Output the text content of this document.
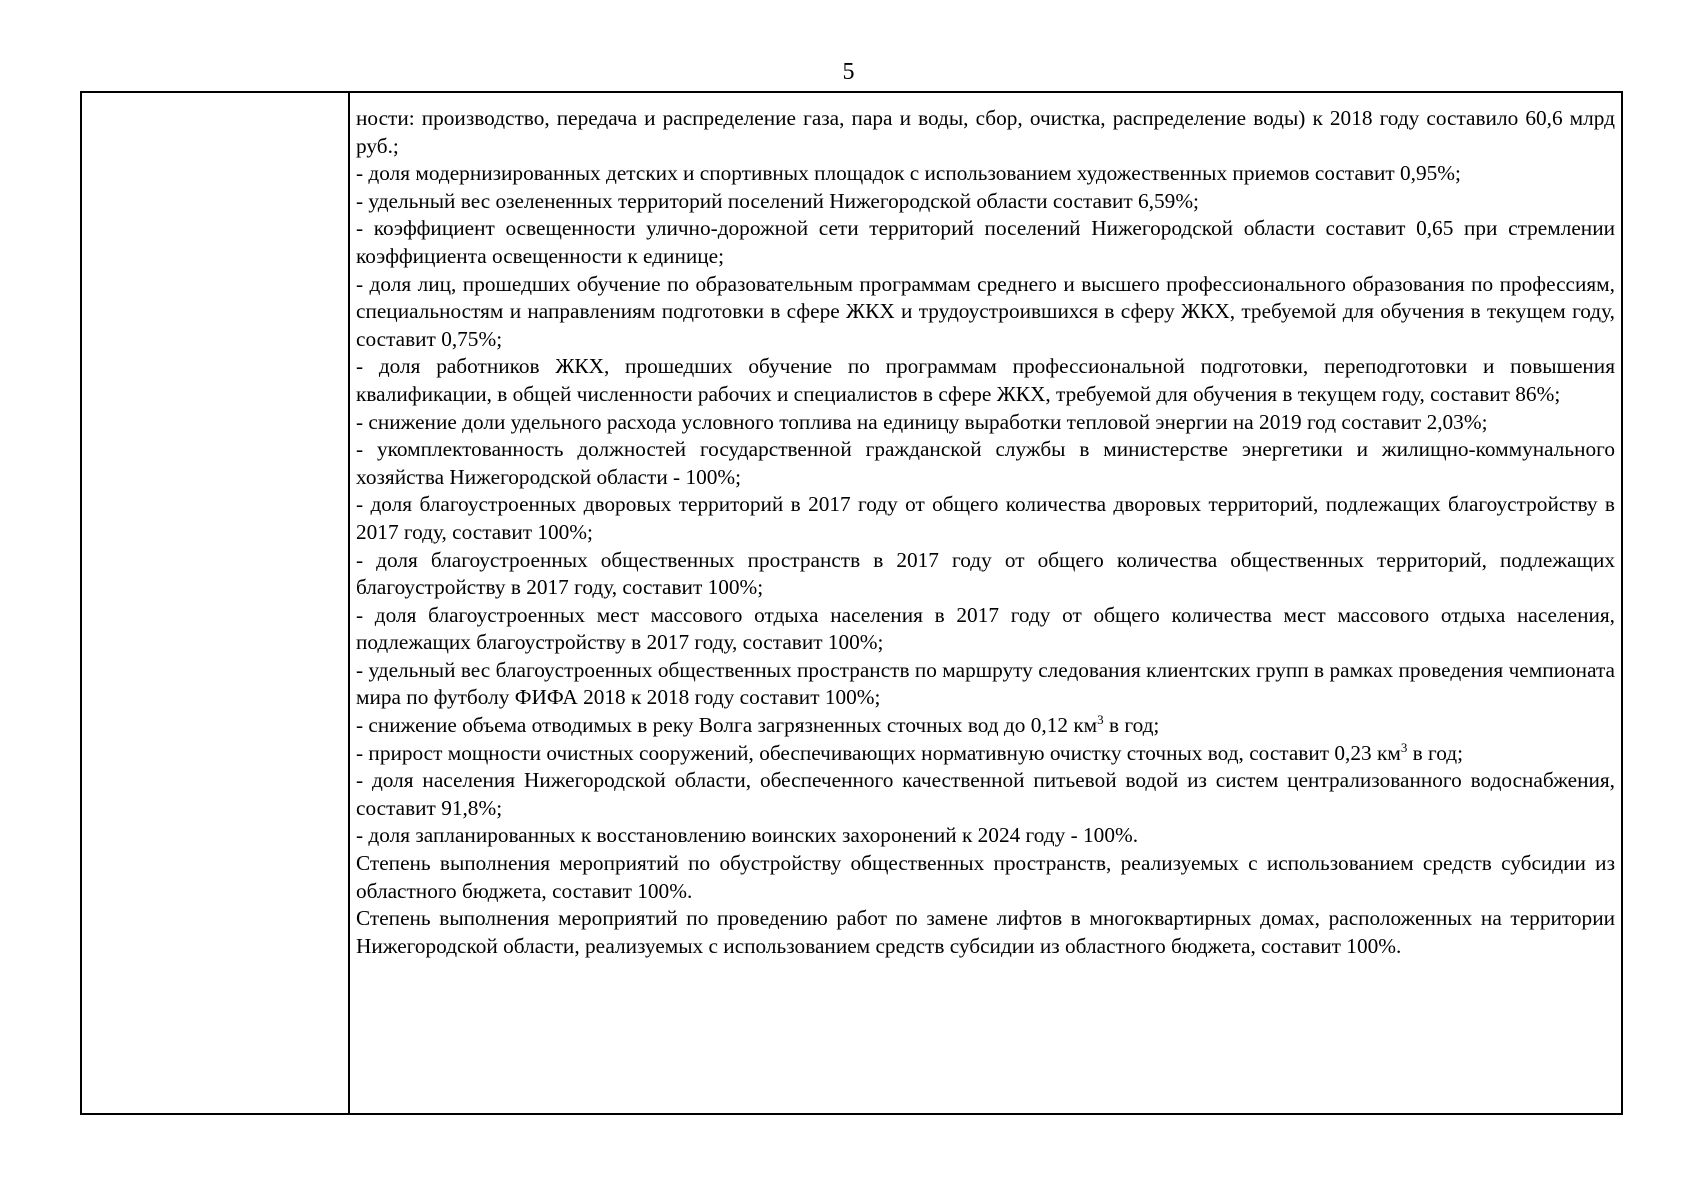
5

ности: производство, передача и распределение газа, пара и воды, сбор, очистка, распределение воды) к 2018 году составило 60,6 млрд руб.;

- доля модернизированных детских и спортивных площадок с использованием художественных приемов составит 0,95%;

- удельный вес озелененных территорий поселений Нижегородской области составит 6,59%;

- коэффициент освещенности улично-дорожной сети территорий поселений Нижегородской области составит 0,65 при стремлении коэффициента освещенности к единице;

- доля лиц, прошедших обучение по образовательным программам среднего и высшего профессионального образования по профессиям, специальностям и направлениям подготовки в сфере ЖКХ и трудоустроившихся в сферу ЖКХ, требуемой для обучения в текущем году, составит 0,75%;

- доля работников ЖКХ, прошедших обучение по программам профессиональной подготовки, переподготовки и повышения квалификации, в общей численности рабочих и специалистов в сфере ЖКХ, требуемой для обучения в текущем году, составит 86%;

- снижение доли удельного расхода условного топлива на единицу выработки тепловой энергии на 2019 год составит 2,03%;

- укомплектованность должностей государственной гражданской службы в министерстве энергетики и жилищно-коммунального хозяйства Нижегородской области - 100%;

- доля благоустроенных дворовых территорий в 2017 году от общего количества дворовых территорий, подлежащих благоустройству в 2017 году, составит 100%;

- доля благоустроенных общественных пространств в 2017 году от общего количества общественных территорий, подлежащих благоустройству в 2017 году, составит 100%;

- доля благоустроенных мест массового отдыха населения в 2017 году от общего количества мест массового отдыха населения, подлежащих благоустройству в 2017 году, составит 100%;

- удельный вес благоустроенных общественных пространств по маршруту следования клиентских групп в рамках проведения чемпионата мира по футболу ФИФА 2018 к 2018 году составит 100%;

- снижение объема отводимых в реку Волга загрязненных сточных вод до 0,12 $км^3$ в год;

- прирост мощности очистных сооружений, обеспечивающих нормативную очистку сточных вод, составит 0,23 $км^3$ в год;

- доля населения Нижегородской области, обеспеченного качественной питьевой водой из систем централизованного водоснабжения, составит 91,8%;

- доля запланированных к восстановлению воинских захоронений к 2024 году - 100%.

Степень выполнения мероприятий по обустройству общественных пространств, реализуемых с использованием средств субсидии из областного бюджета, составит 100%.

Степень выполнения мероприятий по проведению работ по замене лифтов в многоквартирных домах, расположенных на территории Нижегородской области, реализуемых с использованием средств субсидии из областного бюджета, составит 100%.
